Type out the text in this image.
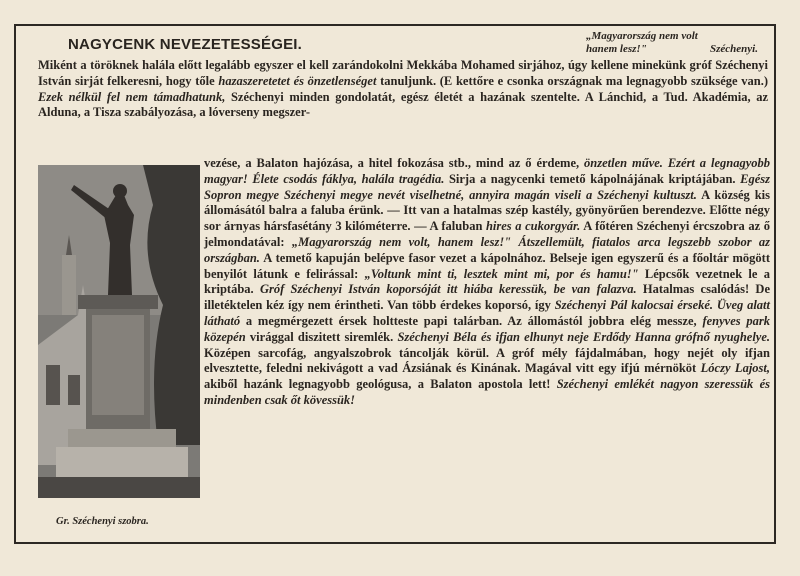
NAGYCENK NEVEZETESSÉGEI.	„Magyarország nem volt
hanem lesz!"	Széchenyi.
Gr. Széchenyi szobra.
Miként a töröknek halála előtt legalább egyszer el kell zarándokolni Mekkába Mohamed sirjához, úgy kellene minekünk gróf Széchenyi István sirját felkeresni, hogy tőle hazaszeretetet és önzetlenséget tanuljunk. (E kettőre e csonka országnak ma legnagyobb szüksége van.) Ezek nélkül fel nem támadhatunk, Széchenyi minden gondolatát, egész életét a hazának szentelte. A Lánchid, a Tud. Akadémia, az Alduna, a Tisza szabályozása, a lóverseny megszer-
vezése, a Balaton hajózása, a hitel fokozása stb., mind az ő érdeme, önzetlen műve. Ezért a legnagyobb magyar! Élete csodás fáklya, halála tragédia. Sirja a nagycenki temető kápolnájának kriptájában. Egész Sopron megye Széchenyi megye nevét viselhetné, annyira magán viseli a Széchenyi kultuszt. A község kis állomásától balra a faluba érünk. — Itt van a hatalmas szép kastély, gyönyörűen berendezve. Előtte négy sor árnyas hársfasétány 3 kilóméterre. — A faluban hires a cukorgyár. A főtéren Széchenyi ércszobra az ő jelmondatával: „Magyarország nem volt, hanem lesz!" Átszellemült, fiatalos arca legszebb szobor az országban. A temető kapuján belépve fasor vezet a kápolnához. Belseje igen egyszerű és a főoltár mögött benyilót látunk e felirással: „Voltunk mint ti, lesztek mint mi, por és hamu!" Lépcsők vezetnek le a kriptába. Gróf Széchenyi István koporsóját itt hiába keressük, be van falazva. Hatalmas csalódás! De illetéktelen kéz így nem érintheti. Van több érdekes koporsó, így Széchenyi Pál kalocsai érseké. Üveg alatt látható a megmérgezett érsek holtteste papi talárban. Az állomástól jobbra elég messze, fenyves park közepén virággal diszitett siremlék. Széchenyi Béla és ifjan elhunyt neje Erdődy Hanna grófnő nyughelye. Középen sarcofág, angyalszobrok táncolják körül. A gróf mély fájdalmában, hogy nejét oly ifjan elvesztette, feledni nekivágott a vad Ázsiának és Kinának. Magával vitt egy ifjú mérnököt Lóczy Lajost, akiből hazánk legnagyobb geológusa, a Balaton apostola lett! Széchenyi emlékét nagyon szeressük és mindenben csak őt kövessük!
